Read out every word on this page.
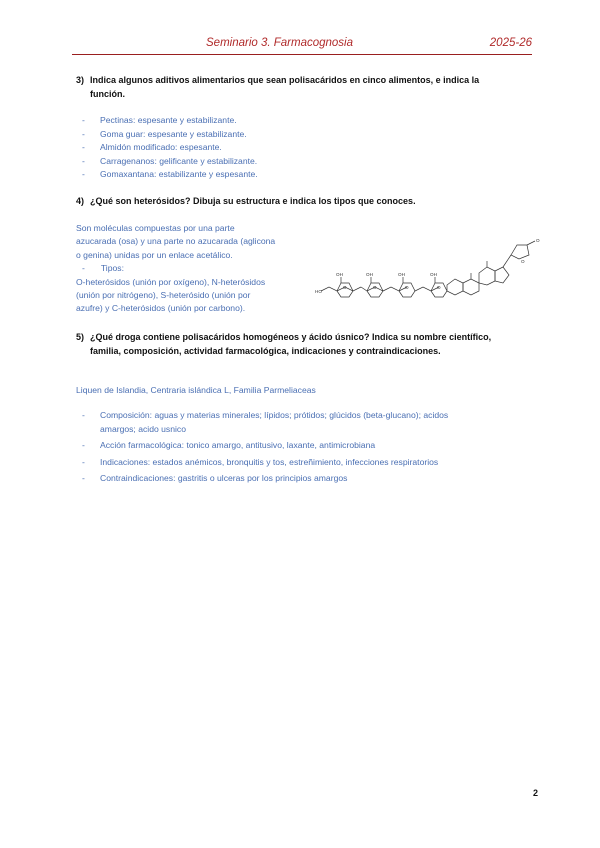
Seminario 3. Farmacognosia	2025-26
3) Indica algunos aditivos alimentarios que sean polisacáridos en cinco alimentos, e indica la
función.
- Pectinas: espesante y estabilizante.
- Goma guar: espesante y estabilizante.
- Almidón modificado: espesante.
- Carragenanos: gelificante y estabilizante.
- Gomaxantana: estabilizante y espesante.
4) ¿Qué son heterósidos? Dibuja su estructura e indica los tipos que conoces.
Son moléculas compuestas por una parte
azucarada (osa) y una parte no azucarada (aglicona
o genina) unidas por un enlace acetálico.
- Tipos:
O-heterósidos (unión por oxígeno), N-heterósidos
(unión por nitrógeno), S-heterósido (unión por
azufre) y C-heterósidos (unión por carbono).
OH	OH	OH	OH
HO
O	O	O	O
O
O
5) ¿Qué droga contiene polisacáridos homogéneos y ácido úsnico? Indica su nombre científico,
familia, composición, actividad farmacológica, indicaciones y contraindicaciones.
Liquen de Islandia, Centraria islándica L, Familia Parmeliaceas
- Composición: aguas y materias minerales; lípidos; prótidos; glúcidos (beta-glucano); acidos
amargos; acido usnico
- Acción farmacológica: tonico amargo, antitusivo, laxante, antimicrobiana
- Indicaciones: estados anémicos, bronquitis y tos, estreñimiento, infecciones respiratorios
- Contraindicaciones: gastritis o ulceras por los principios amargos
2
